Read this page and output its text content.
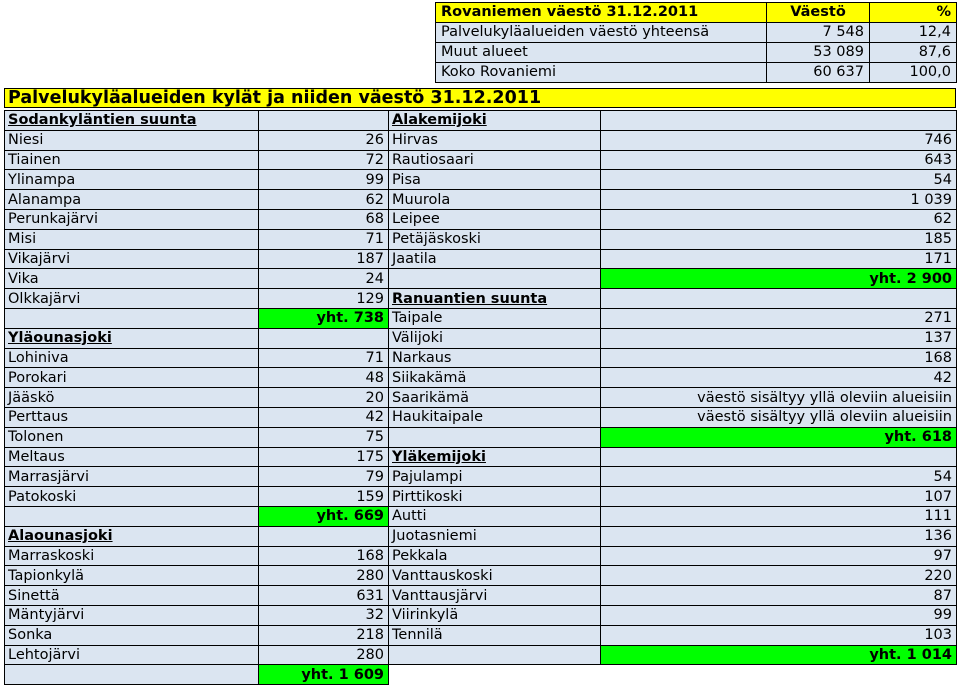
Rovaniemen väestö 31.12.2011	Väestö	%
Palvelukyläalueiden väestö yhteensä	7 548	12,4
Muut alueet	53 089	87,6
Koko Rovaniemi	60 637	100,0
Palvelukyläalueiden kylät ja niiden väestö 31.12.2011
Sodankyläntien suunta		Alakemijoki	
Niesi	26	Hirvas	746
Tiainen	72	Rautiosaari	643
Ylinampa	99	Pisa	54
Alanampa	62	Muurola	1 039
Perunkajärvi	68	Leipee	62
Misi	71	Petäjäskoski	185
Vikajärvi	187	Jaatila	171
Vika	24		yht. 2 900
Olkkajärvi	129	Ranuantien suunta	
	yht. 738	Taipale	271
Yläounasjoki		Välijoki	137
Lohiniva	71	Narkaus	168
Porokari	48	Siikakämä	42
Jääskö	20	Saarikämä	väestö sisältyy yllä oleviin alueisiin
Perttaus	42	Haukitaipale	väestö sisältyy yllä oleviin alueisiin
Tolonen	75		yht. 618
Meltaus	175	Yläkemijoki	
Marrasjärvi	79	Pajulampi	54
Patokoski	159	Pirttikoski	107
	yht. 669	Autti	111
Alaounasjoki		Juotasniemi	136
Marraskoski	168	Pekkala	97
Tapionkylä	280	Vanttauskoski	220
Sinettä	631	Vanttausjärvi	87
Mäntyjärvi	32	Viirinkylä	99
Sonka	218	Tennilä	103
Lehtojärvi	280		yht. 1 014
	yht. 1 609		
